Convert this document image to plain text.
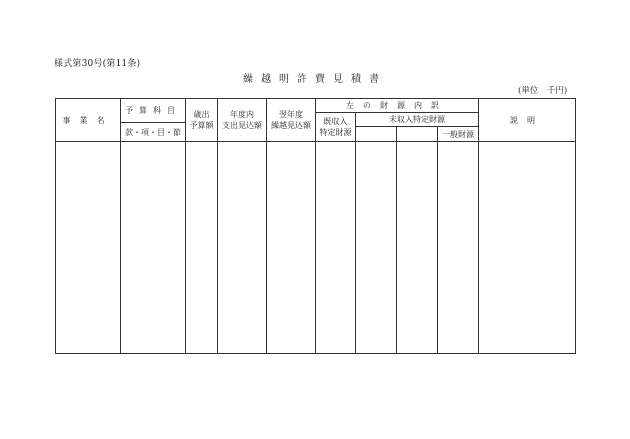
様式第30号(第11条)
繰越明許費見積書
(単位　千円)
事業名
予算科目
款・項・目・節
歳出
予算額
年度内
支出見込額
翌年度
繰越見込額
左の財源内訳
既収入
特定財源
未収入特定財源
一般財源
説明
